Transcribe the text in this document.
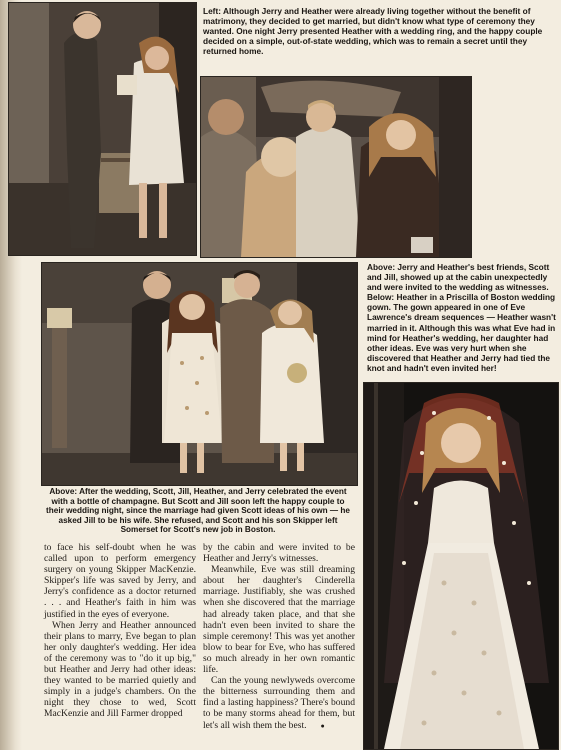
Left: Although Jerry and Heather were already living together without the benefit of matrimony, they decided to get married, but didn't know what type of ceremony they wanted. One night Jerry presented Heather with a wedding ring, and the happy couple decided on a simple, out-of-state wedding, which was to remain a secret until they returned home.
Above: Jerry and Heather's best friends, Scott and Jill, showed up at the cabin unexpectedly and were invited to the wedding as witnesses. Below: Heather in a Priscilla of Boston wedding gown. The gown appeared in one of Eve Lawrence's dream sequences — Heather wasn't married in it. Although this was what Eve had in mind for Heather's wedding, her daughter had other ideas. Eve was very hurt when she discovered that Heather and Jerry had tied the knot and hadn't even invited her!
Above: After the wedding, Scott, Jill, Heather, and Jerry celebrated the event with a bottle of champagne. But Scott and Jill soon left the happy couple to their wedding night, since the marriage had given Scott ideas of his own — he asked Jill to be his wife. She refused, and Scott and his son Skipper left Somerset for Scott's new job in Boston.

to face his self-doubt when he was called upon to perform emergency surgery on young Skipper MacKenzie. Skipper's life was saved by Jerry, and Jerry's confidence as a doctor returned . . . and Heather's faith in him was justified in the eyes of everyone.

When Jerry and Heather announced their plans to marry, Eve began to plan her only daughter's wedding. Her idea of the ceremony was to "do it up big," but Heather and Jerry had other ideas: they wanted to be married quietly and simply in a judge's chambers. On the night they chose to wed, Scott MacKenzie and Jill Farmer dropped

by the cabin and were invited to be Heather and Jerry's witnesses.

Meanwhile, Eve was still dreaming about her daughter's Cinderella marriage. Justifiably, she was crushed when she discovered that the marriage had already taken place, and that she hadn't even been invited to share the simple ceremony! This was yet another blow to bear for Eve, who has suffered so much already in her own romantic life.

Can the young newlyweds overcome the bitterness surrounding them and find a lasting happiness? There's bound to be many storms ahead for them, but let's all wish them the best. ●
